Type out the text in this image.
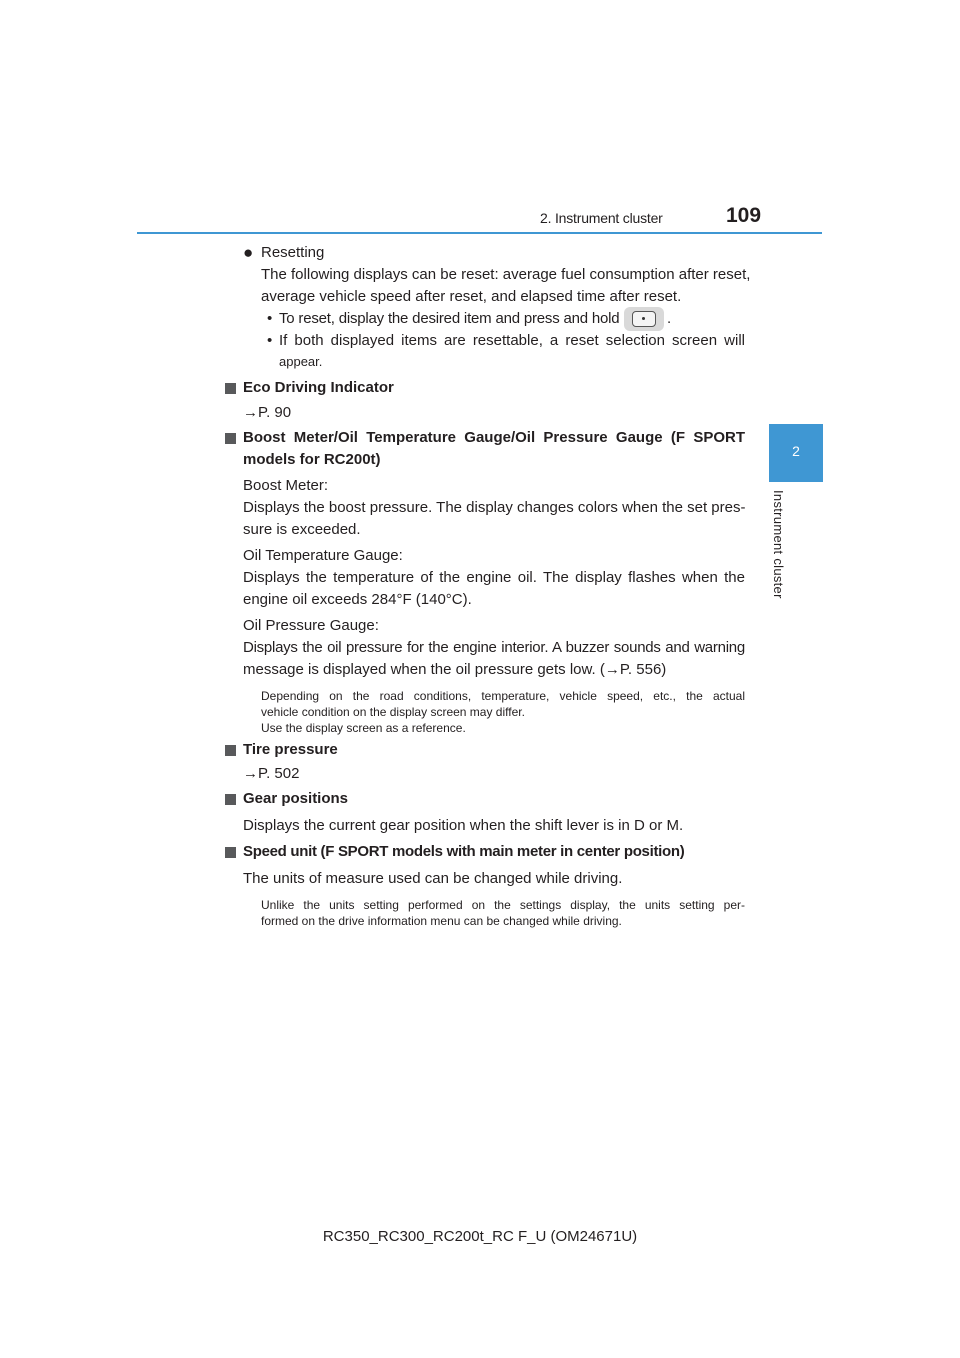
2. Instrument cluster	109
2
Instrument cluster
● Resetting
The following displays can be reset: average fuel consumption after reset,
average vehicle speed after reset, and elapsed time after reset.
• To reset, display the desired item and press and hold	.
• If both displayed items are resettable, a reset selection screen will
appear.
Eco Driving Indicator
→P. 90
Boost Meter/Oil Temperature Gauge/Oil Pressure Gauge (F SPORT
models for RC200t)
Boost Meter:
Displays the boost pressure. The display changes colors when the set pres-
sure is exceeded.
Oil Temperature Gauge:
Displays the temperature of the engine oil. The display flashes when the
engine oil exceeds 284°F (140°C).
Oil Pressure Gauge:
Displays the oil pressure for the engine interior. A buzzer sounds and warning
message is displayed when the oil pressure gets low. (→P. 556)
Depending on the road conditions, temperature, vehicle speed, etc., the actual
vehicle condition on the display screen may differ.
Use the display screen as a reference.
Tire pressure
→P. 502
Gear positions
Displays the current gear position when the shift lever is in D or M.
Speed unit (F SPORT models with main meter in center position)
The units of measure used can be changed while driving.
Unlike the units setting performed on the settings display, the units setting per-
formed on the drive information menu can be changed while driving.
RC350_RC300_RC200t_RC F_U (OM24671U)
